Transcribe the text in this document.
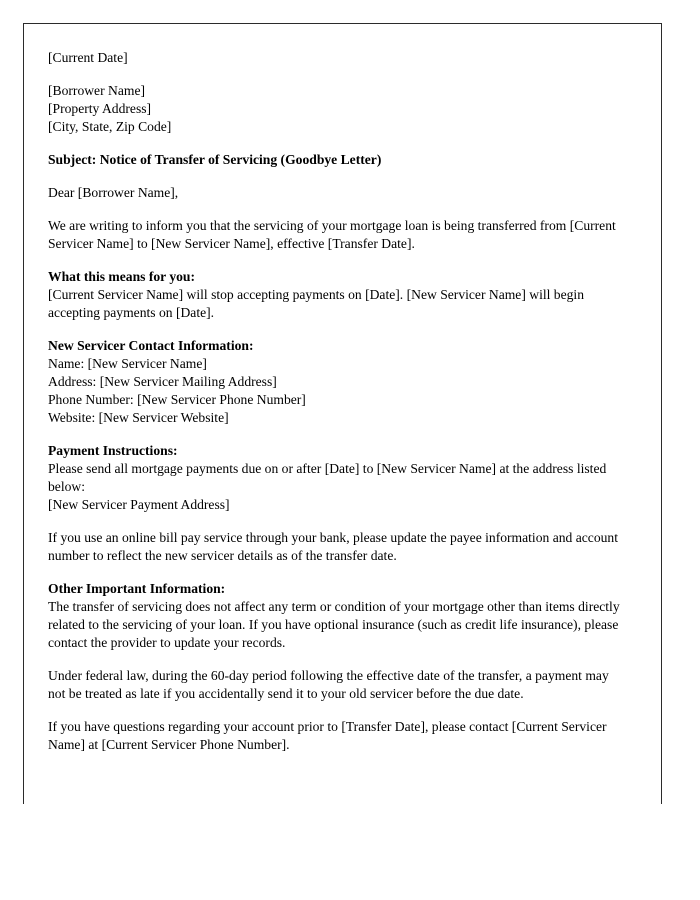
[Current Date]

[Borrower Name]
[Property Address]
[City, State, Zip Code]

Subject: Notice of Transfer of Servicing (Goodbye Letter)

Dear [Borrower Name],

We are writing to inform you that the servicing of your mortgage loan is being transferred from [Current Servicer Name] to [New Servicer Name], effective [Transfer Date].

What this means for you:
[Current Servicer Name] will stop accepting payments on [Date]. [New Servicer Name] will begin accepting payments on [Date].

New Servicer Contact Information:
Name: [New Servicer Name]
Address: [New Servicer Mailing Address]
Phone Number: [New Servicer Phone Number]
Website: [New Servicer Website]

Payment Instructions:
Please send all mortgage payments due on or after [Date] to [New Servicer Name] at the address listed below:
[New Servicer Payment Address]

If you use an online bill pay service through your bank, please update the payee information and account number to reflect the new servicer details as of the transfer date.

Other Important Information:
The transfer of servicing does not affect any term or condition of your mortgage other than items directly related to the servicing of your loan. If you have optional insurance (such as credit life insurance), please contact the provider to update your records.

Under federal law, during the 60-day period following the effective date of the transfer, a payment may not be treated as late if you accidentally send it to your old servicer before the due date.

If you have questions regarding your account prior to [Transfer Date], please contact [Current Servicer Name] at [Current Servicer Phone Number].
